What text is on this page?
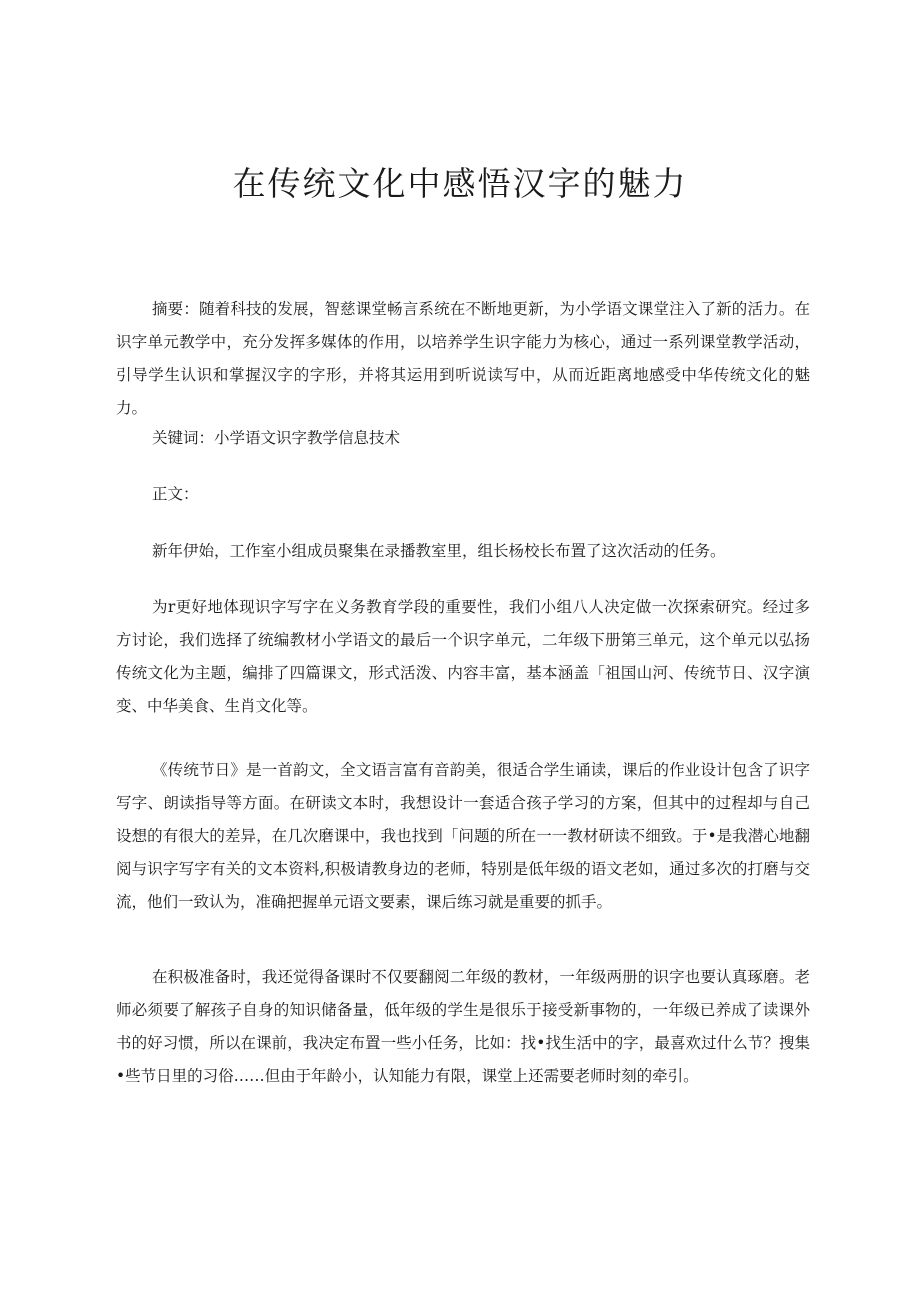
在传统文化中感悟汉字的魅力

摘要：随着科技的发展，智慈课堂畅言系统在不断地更新，为小学语文课堂注入了新的活力。在识字单元教学中，充分发挥多媒体的作用，以培养学生识字能力为核心，通过一系列课堂教学活动，引导学生认识和掌握汉字的字形，并将其运用到听说读写中，从而近距离地感受中华传统文化的魅力。

关键词：小学语文识字教学信息技术

正文：

新年伊始，工作室小组成员聚集在录播教室里，组长杨校长布置了这次活动的任务。

为r更好地体现识字写字在义务教育学段的重要性，我们小组八人决定做一次探索研究。经过多方讨论，我们选择了统编教材小学语文的最后一个识字单元，二年级下册第三单元，这个单元以弘扬传统文化为主题，编排了四篇课文，形式活泼、内容丰富，基本涵盖「祖国山河、传统节日、汉字演变、中华美食、生肖文化等。

《传统节日》是一首韵文，全文语言富有音韵美，很适合学生诵读，课后的作业设计包含了识字写字、朗读指导等方面。在研读文本时，我想设计一套适合孩子学习的方案，但其中的过程却与自己设想的有很大的差异，在几次磨课中，我也找到「问题的所在一一教材研读不细致。于•是我潜心地翻阅与识字写字有关的文本资料,积极请教身边的老师，特别是低年级的语文老如，通过多次的打磨与交流，他们一致认为，准确把握单元语文要素，课后练习就是重要的抓手。

在积极准备时，我还觉得备课时不仅要翻阅二年级的教材，一年级两册的识字也要认真琢磨。老师必须要了解孩子自身的知识储备量，低年级的学生是很乐于接受新事物的，一年级已养成了读课外书的好习惯，所以在课前，我决定布置一些小任务，比如：找•找生活中的字，最喜欢过什么节？搜集•些节日里的习俗……但由于年龄小，认知能力有限，课堂上还需要老师时刻的牵引。
